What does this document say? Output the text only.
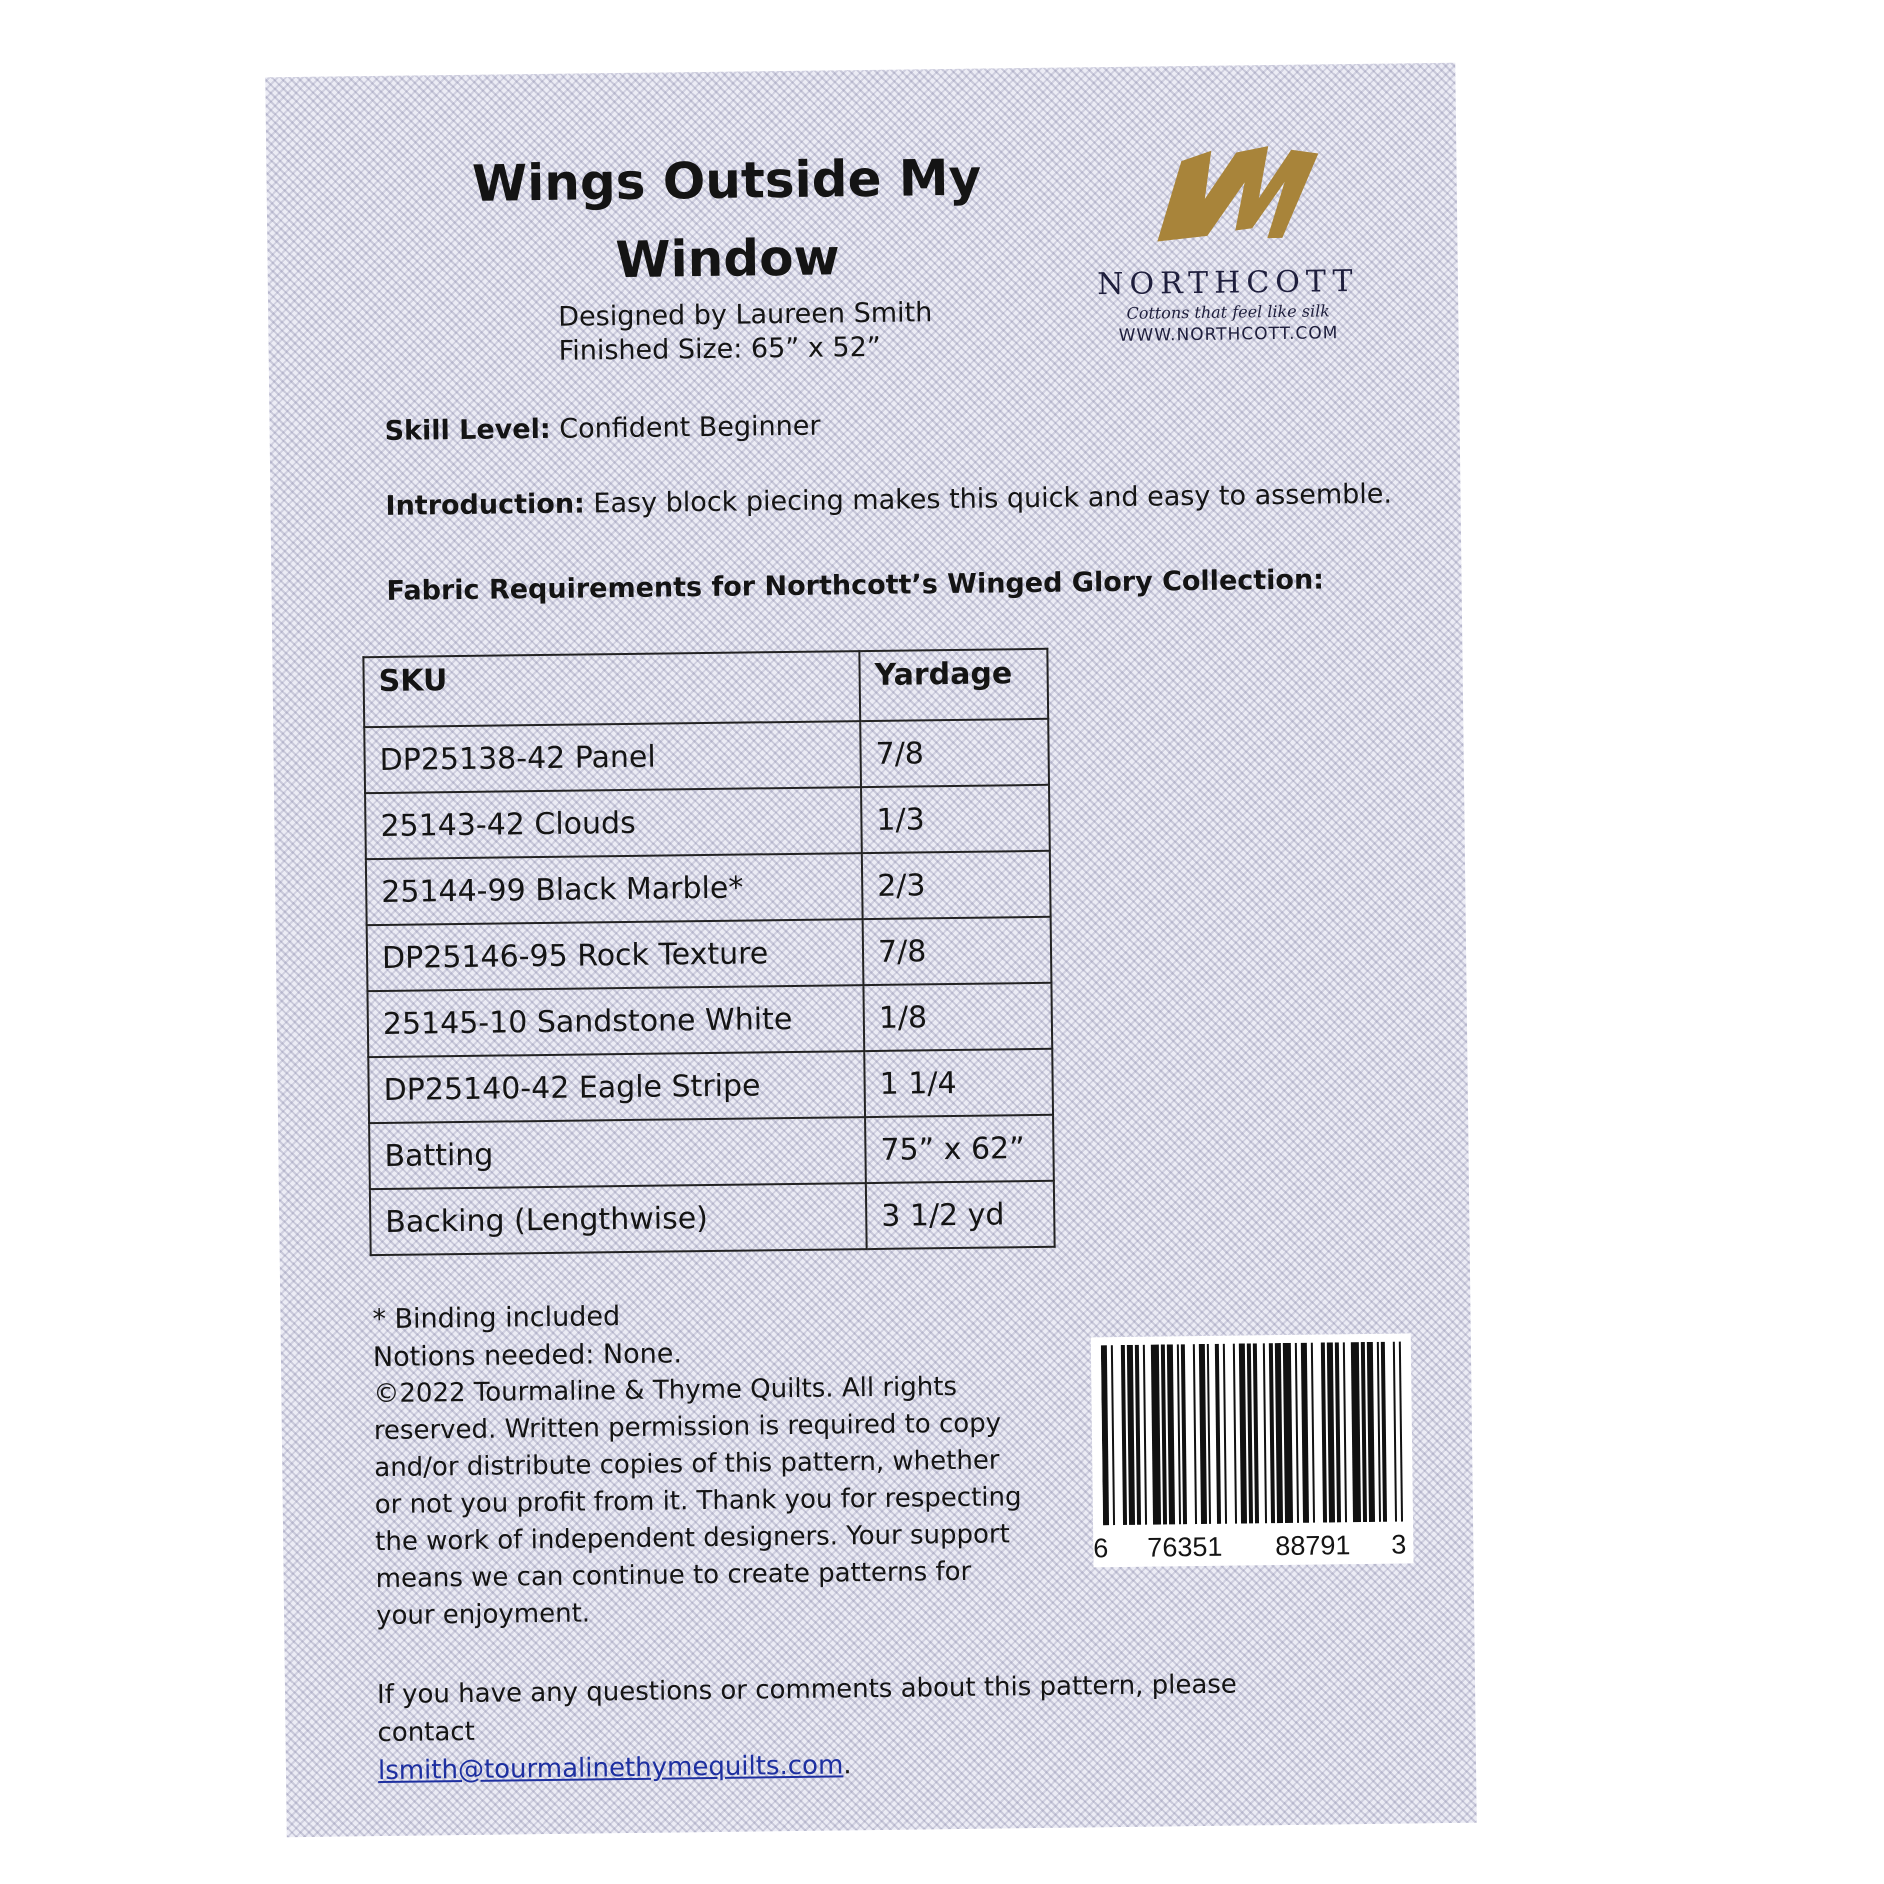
Wings Outside My Window
Designed by Laureen Smith
Finished Size: 65” x 52”
NORTHCOTT
Cottons that feel like silk
WWW.NORTHCOTT.COM
Skill Level: Confident Beginner
Introduction: Easy block piecing makes this quick and easy to assemble.
Fabric Requirements for Northcott’s Winged Glory Collection:
SKU	Yardage
DP25138-42 Panel	7/8
25143-42 Clouds	1/3
25144-99 Black Marble*	2/3
DP25146-95 Rock Texture	7/8
25145-10 Sandstone White	1/8
DP25140-42 Eagle Stripe	1 1/4
Batting	75” x 62”
Backing (Lengthwise)	3 1/2 yd
* Binding included
Notions needed: None.
©2022 Tourmaline & Thyme Quilts. All rights reserved. Written permission is required to copy and/or distribute copies of this pattern, whether or not you profit from it. Thank you for respecting the work of independent designers. Your support means we can continue to create patterns for your enjoyment.
If you have any questions or comments about this pattern, please contact
lsmith@tourmalinethymequilts.com.
6 76351 88791 3
